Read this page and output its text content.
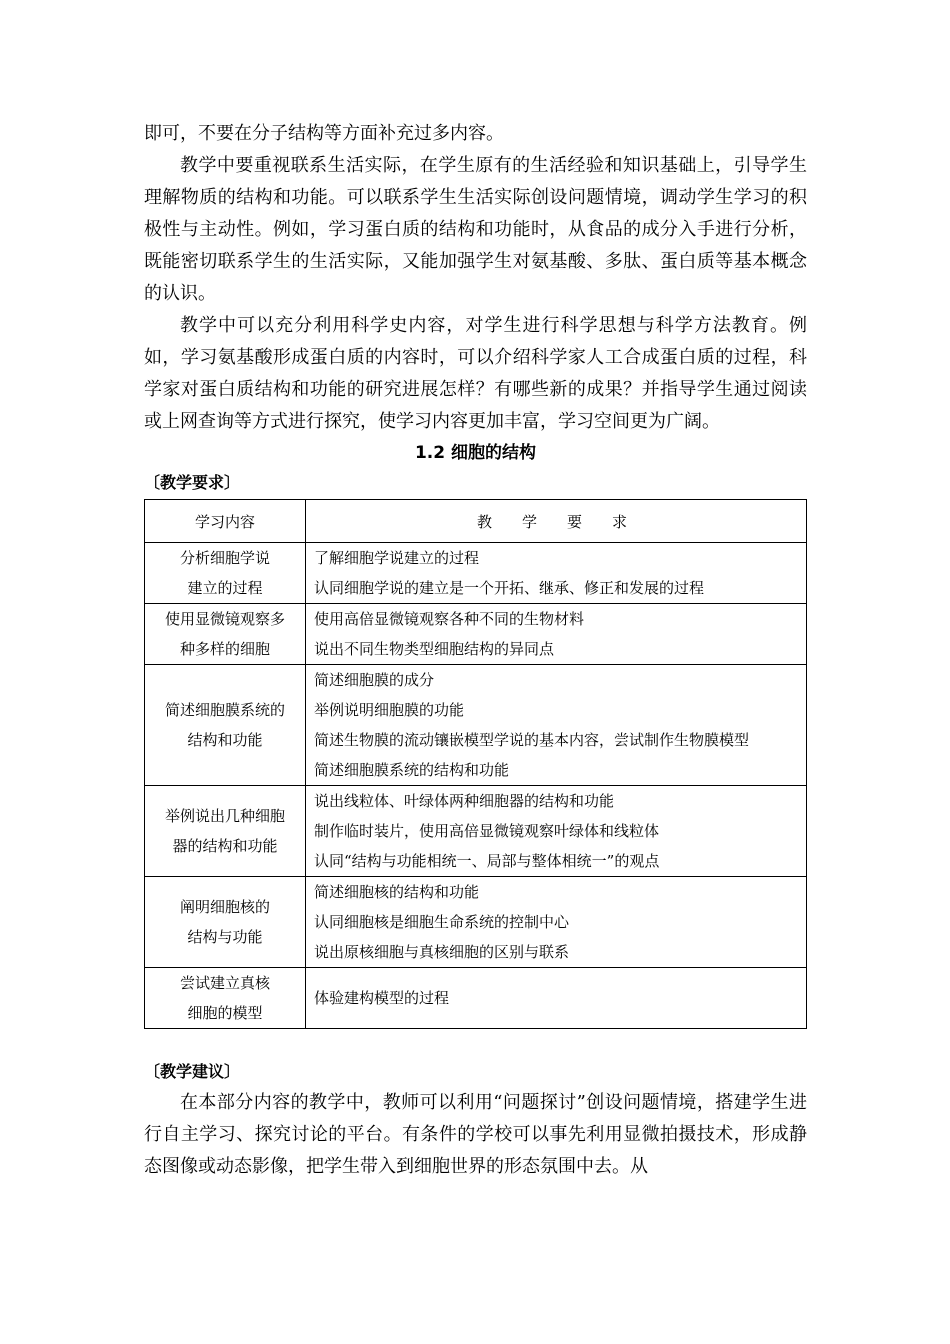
即可，不要在分子结构等方面补充过多内容。

教学中要重视联系生活实际，在学生原有的生活经验和知识基础上，引导学生理解物质的结构和功能。可以联系学生生活实际创设问题情境，调动学生学习的积极性与主动性。例如，学习蛋白质的结构和功能时，从食品的成分入手进行分析，既能密切联系学生的生活实际，又能加强学生对氨基酸、多肽、蛋白质等基本概念的认识。

教学中可以充分利用科学史内容，对学生进行科学思想与科学方法教育。例如，学习氨基酸形成蛋白质的内容时，可以介绍科学家人工合成蛋白质的过程，科学家对蛋白质结构和功能的研究进展怎样？有哪些新的成果？并指导学生通过阅读或上网查询等方式进行探究，使学习内容更加丰富，学习空间更为广阔。

1.2 细胞的结构

〔教学要求〕

学习内容	教学要求

分析细胞学说
建立的过程	了解细胞学说建立的过程
认同细胞学说的建立是一个开拓、继承、修正和发展的过程

使用显微镜观察多
种多样的细胞	使用高倍显微镜观察各种不同的生物材料
说出不同生物类型细胞结构的异同点

简述细胞膜系统的
结构和功能	简述细胞膜的成分
举例说明细胞膜的功能
简述生物膜的流动镶嵌模型学说的基本内容，尝试制作生物膜模型
简述细胞膜系统的结构和功能

举例说出几种细胞
器的结构和功能	说出线粒体、叶绿体两种细胞器的结构和功能
制作临时装片，使用高倍显微镜观察叶绿体和线粒体
认同“结构与功能相统一、局部与整体相统一”的观点

阐明细胞核的
结构与功能	简述细胞核的结构和功能
认同细胞核是细胞生命系统的控制中心
说出原核细胞与真核细胞的区别与联系

尝试建立真核
细胞的模型	体验建构模型的过程

〔教学建议〕

在本部分内容的教学中，教师可以利用“问题探讨”创设问题情境，搭建学生进行自主学习、探究讨论的平台。有条件的学校可以事先利用显微拍摄技术，形成静态图像或动态影像，把学生带入到细胞世界的形态氛围中去。从
